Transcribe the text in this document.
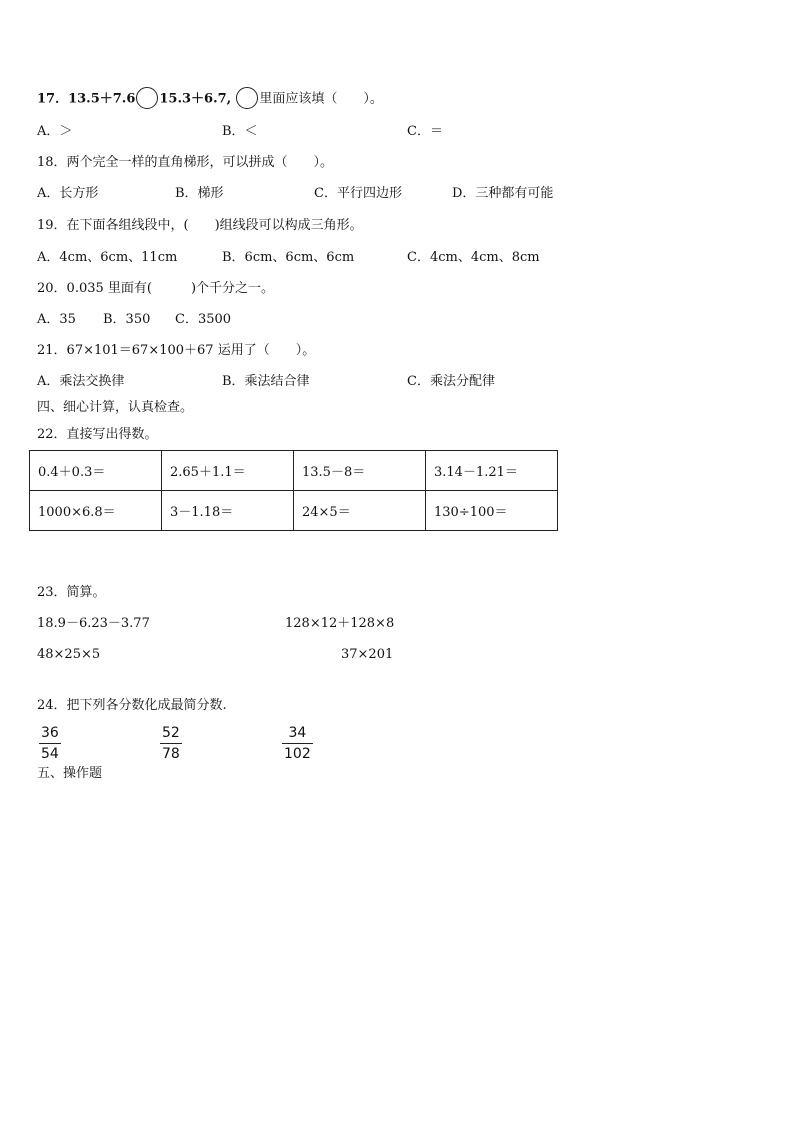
17．13.5＋7.6 15.3＋6.7, 里面应该填（　　）。
A．＞	B．＜	C．＝
18．两个完全一样的直角梯形，可以拼成（　　）。
A．长方形	B．梯形	C．平行四边形	D．三种都有可能
19．在下面各组线段中，(　　)组线段可以构成三角形。
A．4cm、6cm、11cm	B．6cm、6cm、6cm	C．4cm、4cm、8cm
20．0.035 里面有(　　　)个千分之一。
A．35 B．350 C．3500
21．67×101＝67×100＋67 运用了（　　）。
A．乘法交换律	B．乘法结合律	C．乘法分配律
四、细心计算，认真检查。
22．直接写出得数。
0.4＋0.3＝	2.65＋1.1＝	13.5－8＝	3.14－1.21＝
1000×6.8＝	3－1.18＝	24×5＝	130÷100＝
23．简算。
18.9－6.23－3.77	128×12＋128×8
48×25×5	37×201
24．把下列各分数化成最简分数.
$\frac{36}{54}$	$\frac{52}{78}$	$\frac{34}{102}$
五、操作题
